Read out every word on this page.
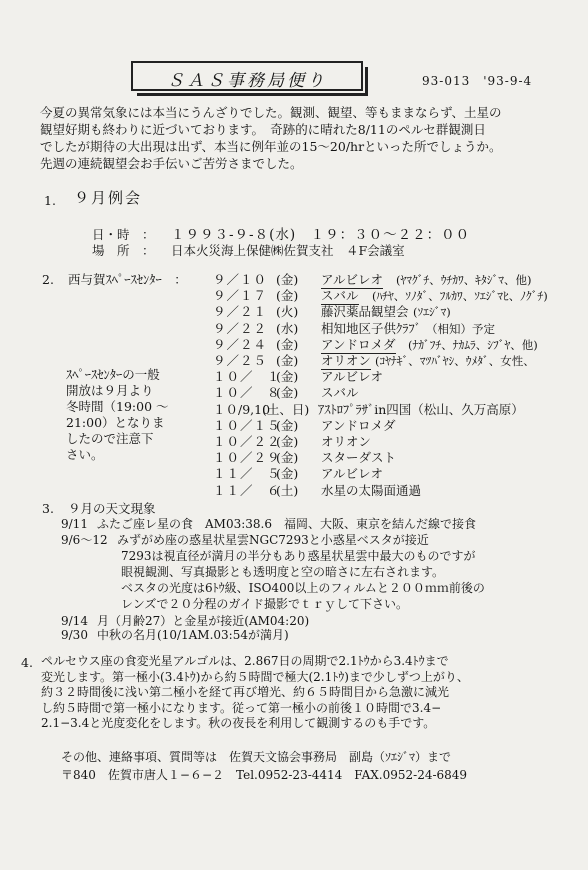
ＳＡＳ事務局便り	93-013　'93-9-4
今夏の異常気象には本当にうんざりでした。観測、観望、等もままならず、土星の
観望好期も終わりに近づいております。　奇跡的に晴れた8/11のペルセ群観測日
でしたが期待の大出現は出ず、本当に例年並の15〜20/hrといった所でしょうか。
先週の連続観望会お手伝いご苦労さまでした。
1. ９月例会
日・時　： １９９３-９-８(水)　１９：３０〜２２：００
場　所　： 日本火災海上保健㈱佐賀支社　４F会議室
2. 西与賀ｽﾍﾟｰｽｾﾝﾀｰ　： ９／１０ (金) アルビレオ (ﾔﾏｸﾞﾁ、ｳﾁｶﾜ、ｷﾀｼﾞﾏ、他)
９／１７ (金) スバル (ﾊﾁﾔ、ｿﾉﾀﾞ、ﾌﾙｶﾜ、ｿｴｼﾞﾏﾋ、ﾉｸﾞﾁ)
９／２１ (火) 藤沢薬品観望会 (ｿｴｼﾞﾏ)
９／２２ (水) 相知地区子供ｸﾗﾌﾞ （相知）予定
９／２４ (金) アンドロメダ (ﾅｶﾞﾌﾁ、ﾅｶﾑﾗ、ｼﾌﾞﾔ、他)
９／２５ (金) オリオン (ｺﾔﾅｷﾞ、ﾏﾂﾊﾞﾔｼ、ｳﾒﾀﾞ、女性、
１０／　１
(金) アルビレオ
１０／　８
(金) スバル
１０/9,10
(土、日) ｱｽﾄﾛﾌﾟﾗｻﾞin四国（松山、久万高原）
１０／１５
(金) アンドロメダ
１０／２２
(金) オリオン
１０／２９
(金) スターダスト
１１／　５
(金) アルビレオ
１１／　６
(土) 水星の太陽面通過
ｽﾍﾟｰｽｾﾝﾀｰの一般
開放は９月より
冬時間（19:00 〜
21:00）となりま
したので注意下
さい。
3. ９月の天文現象
9/11 ふたご座レ星の食　AM03:38.6　福岡、大阪、東京を結んだ線で接食
9/6〜12 みずがめ座の惑星状星雲NGC7293と小惑星ベスタが接近
7293は視直径が満月の半分もあり惑星状星雲中最大のものですが
眼視観測、写真撮影とも透明度と空の暗さに左右されます。
ベスタの光度は6ﾄｳ級、ISO400以上のフィルムと２００ｍｍ前後の
レンズで２０分程のガイド撮影でｔｒｙして下さい。
9/14 月（月齢27）と金星が接近(AM04:20)
9/30 中秋の名月(10/1AM.03:54が満月)
4. ペルセウス座の食変光星アルゴルは、2.867日の周期で2.1ﾄｳから3.4ﾄｳまで
変光します。第一極小(3.4ﾄｳ)から約５時間で極大(2.1ﾄｳ)まで少しずつ上がり、
約３２時間後に浅い第二極小を経て再び増光、約６５時間目から急激に減光
し約５時間で第一極小になります。従って第一極小の前後１０時間で3.4−
2.1−3.4と光度変化をします。秋の夜長を利用して観測するのも手です。
その他、連絡事項、質問等は　佐賀天文協会事務局　副島（ｿｴｼﾞﾏ）まで
〒840　佐賀市唐人１−６−２　Tel.0952-23-4414　FAX.0952-24-6849
